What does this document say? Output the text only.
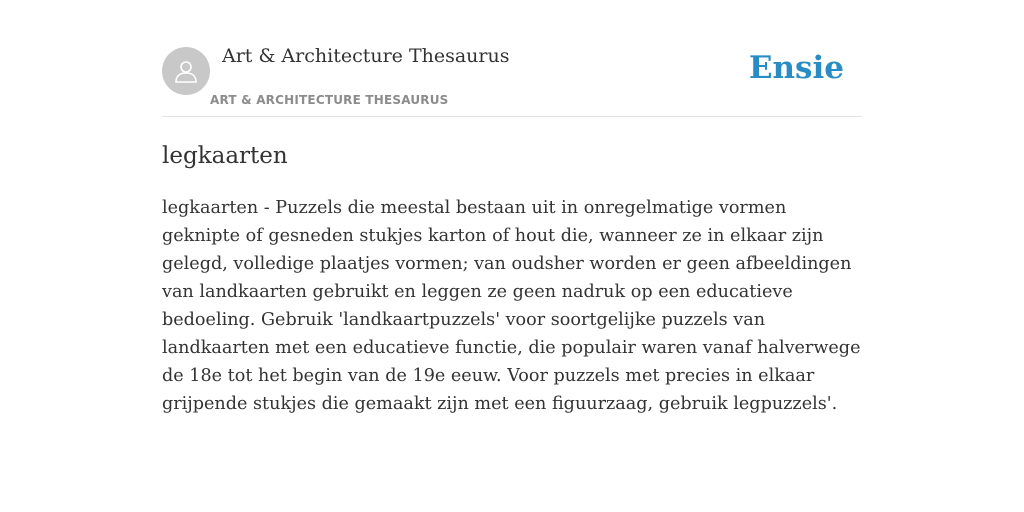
Art & Architecture Thesaurus
ART & ARCHITECTURE THESAURUS
Ensie
legkaarten

legkaarten - Puzzels die meestal bestaan uit in onregelmatige vormen geknipte of gesneden stukjes karton of hout die, wanneer ze in elkaar zijn gelegd, volledige plaatjes vormen; van oudsher worden er geen afbeeldingen van landkaarten gebruikt en leggen ze geen nadruk op een educatieve bedoeling. Gebruik 'landkaartpuzzels' voor soortgelijke puzzels van landkaarten met een educatieve functie, die populair waren vanaf halverwege de 18e tot het begin van de 19e eeuw. Voor puzzels met precies in elkaar grijpende stukjes die gemaakt zijn met een figuurzaag, gebruik legpuzzels'.
